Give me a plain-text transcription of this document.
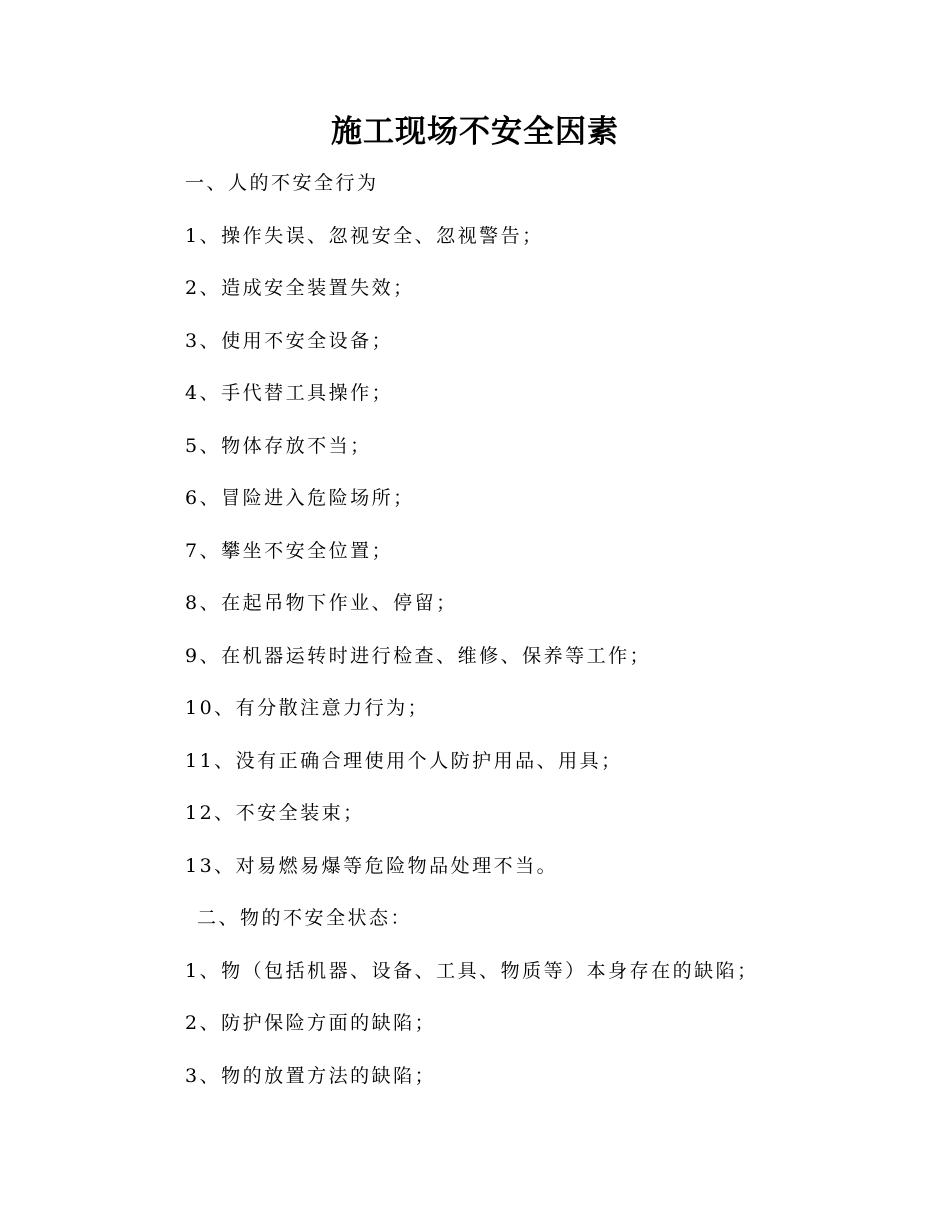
施工现场不安全因素
一、人的不安全行为
1、操作失误、忽视安全、忽视警告；
2、造成安全装置失效；
3、使用不安全设备；
4、手代替工具操作；
5、物体存放不当；
6、冒险进入危险场所；
7、攀坐不安全位置；
8、在起吊物下作业、停留；
9、在机器运转时进行检查、维修、保养等工作；
10、有分散注意力行为；
11、没有正确合理使用个人防护用品、用具；
12、不安全装束；
13、对易燃易爆等危险物品处理不当。
二、物的不安全状态：
1、物（包括机器、设备、工具、物质等）本身存在的缺陷；
2、防护保险方面的缺陷；
3、物的放置方法的缺陷；
